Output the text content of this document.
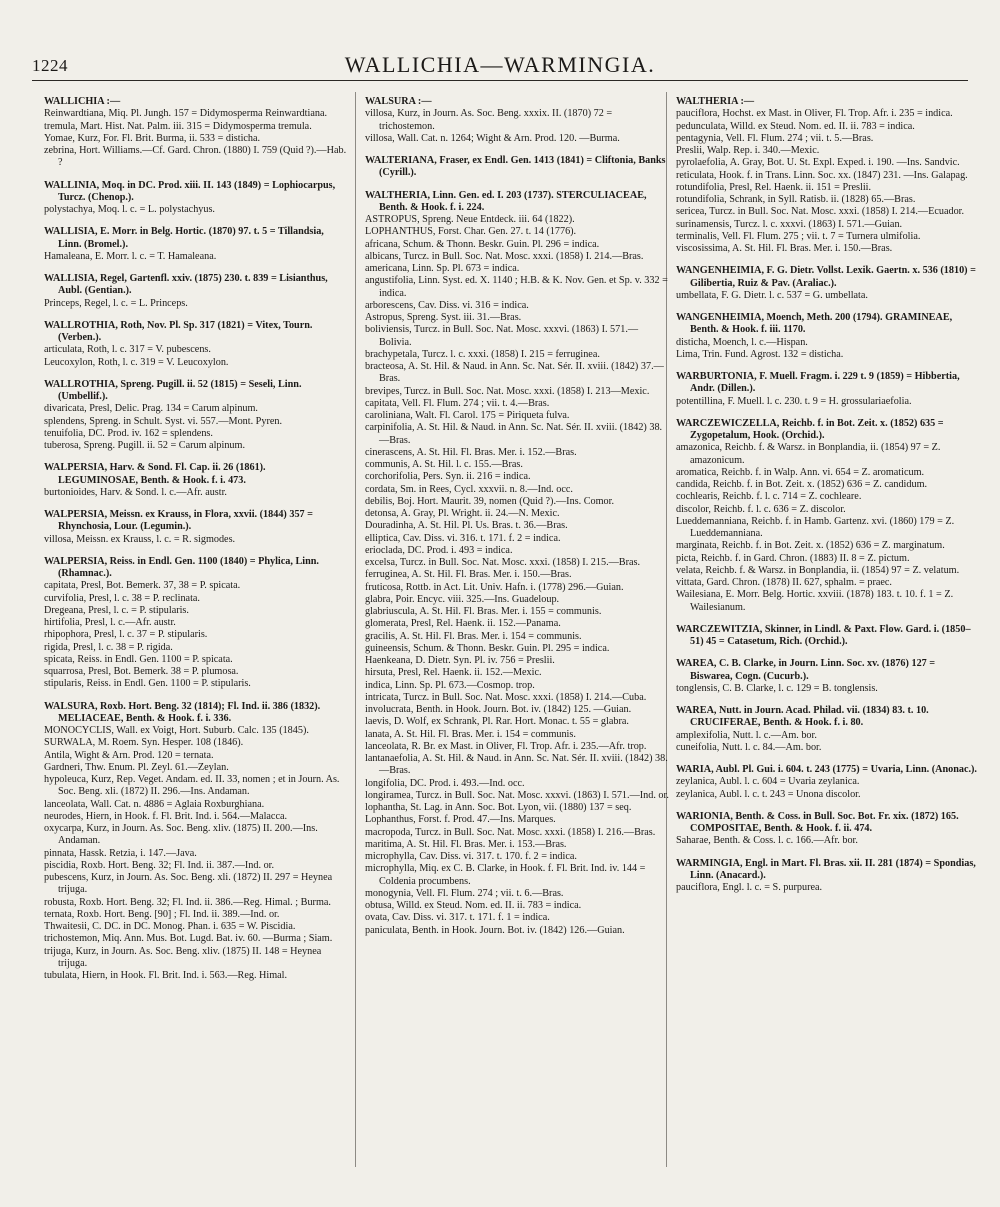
1224	WALLICHIA—WARMINGIA.
WALLICHIA :—
Reinwardtiana, Miq. Pl. Jungh. 157 = Didymosperma Reinwardtiana.
tremula, Mart. Hist. Nat. Palm. iii. 315 = Didymosperma tremula.
Yomae, Kurz, For. Fl. Brit. Burma, ii. 533 = disticha.
zebrina, Hort. Williams.—Cf. Gard. Chron. (1880) I. 759 (Quid ?).—Hab. ?
WALLINIA, Moq. in DC. Prod. xiii. II. 143 (1849) = Lophiocarpus, Turcz. (Chenop.).
polystachya, Moq. l. c. = L. polystachyus.
WALLISIA, E. Morr. in Belg. Hortic. (1870) 97. t. 5 = Tillandsia, Linn. (Bromel.).
Hamaleana, E. Morr. l. c. = T. Hamaleana.
WALLISIA, Regel, Gartenfl. xxiv. (1875) 230. t. 839 = Lisianthus, Aubl. (Gentian.).
Princeps, Regel, l. c. = L. Princeps.
WALLROTHIA, Roth, Nov. Pl. Sp. 317 (1821) = Vitex, Tourn. (Verben.).
articulata, Roth, l. c. 317 = V. pubescens.
Leucoxylon, Roth, l. c. 319 = V. Leucoxylon.
WALLROTHIA, Spreng. Pugill. ii. 52 (1815) = Seseli, Linn. (Umbellif.).
divaricata, Presl, Delic. Prag. 134 = Carum alpinum.
splendens, Spreng. in Schult. Syst. vi. 557.—Mont. Pyren.
tenuifolia, DC. Prod. iv. 162 = splendens.
tuberosa, Spreng. Pugill. ii. 52 = Carum alpinum.
WALPERSIA, Harv. & Sond. Fl. Cap. ii. 26 (1861). LEGUMINOSAE, Benth. & Hook. f. i. 473.
burtonioides, Harv. & Sond. l. c.—Afr. austr.
WALPERSIA, Meissn. ex Krauss, in Flora, xxvii. (1844) 357 = Rhynchosia, Lour. (Legumin.).
villosa, Meissn. ex Krauss, l. c. = R. sigmodes.
WALPERSIA, Reiss. in Endl. Gen. 1100 (1840) = Phylica, Linn. (Rhamnac.).
capitata, Presl, Bot. Bemerk. 37, 38 = P. spicata.
curvifolia, Presl, l. c. 38 = P. reclinata.
Dregeana, Presl, l. c. = P. stipularis.
hirtifolia, Presl, l. c.—Afr. austr.
rhipophora, Presl, l. c. 37 = P. stipularis.
rigida, Presl, l. c. 38 = P. rigida.
spicata, Reiss. in Endl. Gen. 1100 = P. spicata.
squarrosa, Presl, Bot. Bemerk. 38 = P. plumosa.
stipularis, Reiss. in Endl. Gen. 1100 = P. stipularis.
WALSURA, Roxb. Hort. Beng. 32 (1814); Fl. Ind. ii. 386 (1832). MELIACEAE, Benth. & Hook. f. i. 336.
MONOCYCLIS, Wall. ex Voigt, Hort. Suburb. Calc. 135 (1845).
SURWALA, M. Roem. Syn. Hesper. 108 (1846).
Antila, Wight & Arn. Prod. 120 = ternata.
Gardneri, Thw. Enum. Pl. Zeyl. 61.—Zeylan.
hypoleuca, Kurz, Rep. Veget. Andam. ed. II. 33, nomen ; et in Journ. As. Soc. Beng. xli. (1872) II. 296.—Ins. Andaman.
lanceolata, Wall. Cat. n. 4886 = Aglaia Roxburghiana.
neurodes, Hiern, in Hook. f. Fl. Brit. Ind. i. 564.—Malacca.
oxycarpa, Kurz, in Journ. As. Soc. Beng. xliv. (1875) II. 200.—Ins. Andaman.
pinnata, Hassk. Retzia, i. 147.—Java.
piscidia, Roxb. Hort. Beng. 32; Fl. Ind. ii. 387.—Ind. or.
pubescens, Kurz, in Journ. As. Soc. Beng. xli. (1872) II. 297 = Heynea trijuga.
robusta, Roxb. Hort. Beng. 32; Fl. Ind. ii. 386.—Reg. Himal. ; Burma.
ternata, Roxb. Hort. Beng. [90] ; Fl. Ind. ii. 389.—Ind. or.
Thwaitesii, C. DC. in DC. Monog. Phan. i. 635 = W. Piscidia.
trichostemon, Miq. Ann. Mus. Bot. Lugd. Bat. iv. 60. —Burma ; Siam.
trijuga, Kurz, in Journ. As. Soc. Beng. xliv. (1875) II. 148 = Heynea trijuga.
tubulata, Hiern, in Hook. Fl. Brit. Ind. i. 563.—Reg. Himal.
WALSURA :—
villosa, Kurz, in Journ. As. Soc. Beng. xxxix. II. (1870) 72 = trichostemon.
villosa, Wall. Cat. n. 1264; Wight & Arn. Prod. 120. —Burma.
WALTERIANA, Fraser, ex Endl. Gen. 1413 (1841) = Cliftonia, Banks (Cyrill.).
WALTHERIA, Linn. Gen. ed. I. 203 (1737). STERCULIACEAE, Benth. & Hook. f. i. 224.
ASTROPUS, Spreng. Neue Entdeck. iii. 64 (1822).
LOPHANTHUS, Forst. Char. Gen. 27. t. 14 (1776).
africana, Schum. & Thonn. Beskr. Guin. Pl. 296 = indica.
albicans, Turcz. in Bull. Soc. Nat. Mosc. xxxi. (1858) I. 214.—Bras.
americana, Linn. Sp. Pl. 673 = indica.
angustifolia, Linn. Syst. ed. X. 1140 ; H.B. & K. Nov. Gen. et Sp. v. 332 = indica.
arborescens, Cav. Diss. vi. 316 = indica.
Astropus, Spreng. Syst. iii. 31.—Bras.
boliviensis, Turcz. in Bull. Soc. Nat. Mosc. xxxvi. (1863) I. 571.—Bolivia.
brachypetala, Turcz. l. c. xxxi. (1858) I. 215 = ferruginea.
bracteosa, A. St. Hil. & Naud. in Ann. Sc. Nat. Sér. II. xviii. (1842) 37.—Bras.
brevipes, Turcz. in Bull. Soc. Nat. Mosc. xxxi. (1858) I. 213—Mexic.
capitata, Vell. Fl. Flum. 274 ; vii. t. 4.—Bras.
caroliniana, Walt. Fl. Carol. 175 = Piriqueta fulva.
carpinifolia, A. St. Hil. & Naud. in Ann. Sc. Nat. Sér. II. xviii. (1842) 38.—Bras.
cinerascens, A. St. Hil. Fl. Bras. Mer. i. 152.—Bras.
communis, A. St. Hil. l. c. 155.—Bras.
corchorifolia, Pers. Syn. ii. 216 = indica.
cordata, Sm. in Rees, Cycl. xxxvii. n. 8.—Ind. occ.
debilis, Boj. Hort. Maurit. 39, nomen (Quid ?).—Ins. Comor.
detonsa, A. Gray, Pl. Wright. ii. 24.—N. Mexic.
Douradinha, A. St. Hil. Pl. Us. Bras. t. 36.—Bras.
elliptica, Cav. Diss. vi. 316. t. 171. f. 2 = indica.
erioclada, DC. Prod. i. 493 = indica.
excelsa, Turcz. in Bull. Soc. Nat. Mosc. xxxi. (1858) I. 215.—Bras.
ferruginea, A. St. Hil. Fl. Bras. Mer. i. 150.—Bras.
fruticosa, Rottb. in Act. Lit. Univ. Hafn. i. (1778) 296.—Guian.
glabra, Poir. Encyc. viii. 325.—Ins. Guadeloup.
glabriuscula, A. St. Hil. Fl. Bras. Mer. i. 155 = communis.
glomerata, Presl, Rel. Haenk. ii. 152.—Panama.
gracilis, A. St. Hil. Fl. Bras. Mer. i. 154 = communis.
guineensis, Schum. & Thonn. Beskr. Guin. Pl. 295 = indica.
Haenkeana, D. Dietr. Syn. Pl. iv. 756 = Preslii.
hirsuta, Presl, Rel. Haenk. ii. 152.—Mexic.
indica, Linn. Sp. Pl. 673.—Cosmop. trop.
intricata, Turcz. in Bull. Soc. Nat. Mosc. xxxi. (1858) I. 214.—Cuba.
involucrata, Benth. in Hook. Journ. Bot. iv. (1842) 125. —Guian.
laevis, D. Wolf, ex Schrank, Pl. Rar. Hort. Monac. t. 55 = glabra.
lanata, A. St. Hil. Fl. Bras. Mer. i. 154 = communis.
lanceolata, R. Br. ex Mast. in Oliver, Fl. Trop. Afr. i. 235.—Afr. trop.
lantanaefolia, A. St. Hil. & Naud. in Ann. Sc. Nat. Sér. II. xviii. (1842) 38.—Bras.
longifolia, DC. Prod. i. 493.—Ind. occ.
longiramea, Turcz. in Bull. Soc. Nat. Mosc. xxxvi. (1863) I. 571.—Ind. or.
lophantha, St. Lag. in Ann. Soc. Bot. Lyon, vii. (1880) 137 = seq.
Lophanthus, Forst. f. Prod. 47.—Ins. Marques.
macropoda, Turcz. in Bull. Soc. Nat. Mosc. xxxi. (1858) I. 216.—Bras.
maritima, A. St. Hil. Fl. Bras. Mer. i. 153.—Bras.
microphylla, Cav. Diss. vi. 317. t. 170. f. 2 = indica.
microphylla, Miq. ex C. B. Clarke, in Hook. f. Fl. Brit. Ind. iv. 144 = Coldenia procumbens.
monogynia, Vell. Fl. Flum. 274 ; vii. t. 6.—Bras.
obtusa, Willd. ex Steud. Nom. ed. II. ii. 783 = indica.
ovata, Cav. Diss. vi. 317. t. 171. f. 1 = indica.
paniculata, Benth. in Hook. Journ. Bot. iv. (1842) 126.—Guian.
WALTHERIA :—
pauciflora, Hochst. ex Mast. in Oliver, Fl. Trop. Afr. i. 235 = indica.
pedunculata, Willd. ex Steud. Nom. ed. II. ii. 783 = indica.
pentagynia, Vell. Fl. Flum. 274 ; vii. t. 5.—Bras.
Preslii, Walp. Rep. i. 340.—Mexic.
pyrolaefolia, A. Gray, Bot. U. St. Expl. Exped. i. 190. —Ins. Sandvic.
reticulata, Hook. f. in Trans. Linn. Soc. xx. (1847) 231. —Ins. Galapag.
rotundifolia, Presl, Rel. Haenk. ii. 151 = Preslii.
rotundifolia, Schrank, in Syll. Ratisb. ii. (1828) 65.—Bras.
sericea, Turcz. in Bull. Soc. Nat. Mosc. xxxi. (1858) I. 214.—Ecuador.
surinamensis, Turcz. l. c. xxxvi. (1863) I. 571.—Guian.
terminalis, Vell. Fl. Flum. 275 ; vii. t. 7 = Turnera ulmifolia.
viscosissima, A. St. Hil. Fl. Bras. Mer. i. 150.—Bras.
WANGENHEIMIA, F. G. Dietr. Vollst. Lexik. Gaertn. x. 536 (1810) = Gilibertia, Ruiz & Pav. (Araliac.).
umbellata, F. G. Dietr. l. c. 537 = G. umbellata.
WANGENHEIMIA, Moench, Meth. 200 (1794). GRAMINEAE, Benth. & Hook. f. iii. 1170.
disticha, Moench, l. c.—Hispan.
Lima, Trin. Fund. Agrost. 132 = disticha.
WARBURTONIA, F. Muell. Fragm. i. 229 t. 9 (1859) = Hibbertia, Andr. (Dillen.).
potentillina, F. Muell. l. c. 230. t. 9 = H. grossulariaefolia.
WARCZEWICZELLA, Reichb. f. in Bot. Zeit. x. (1852) 635 = Zygopetalum, Hook. (Orchid.).
amazonica, Reichb. f. & Warsz. in Bonplandia, ii. (1854) 97 = Z. amazonicum.
aromatica, Reichb. f. in Walp. Ann. vi. 654 = Z. aromaticum.
candida, Reichb. f. in Bot. Zeit. x. (1852) 636 = Z. candidum.
cochlearis, Reichb. f. l. c. 714 = Z. cochleare.
discolor, Reichb. f. l. c. 636 = Z. discolor.
Lueddemanniana, Reichb. f. in Hamb. Gartenz. xvi. (1860) 179 = Z. Lueddemannianа.
marginata, Reichb. f. in Bot. Zeit. x. (1852) 636 = Z. marginatum.
picta, Reichb. f. in Gard. Chron. (1883) II. 8 = Z. pictum.
velata, Reichb. f. & Warsz. in Bonplandia, ii. (1854) 97 = Z. velatum.
vittata, Gard. Chron. (1878) II. 627, sphalm. = praec.
Wailesiana, E. Morr. Belg. Hortic. xxviii. (1878) 183. t. 10. f. 1 = Z. Wailesianum.
WARCZEWITZIA, Skinner, in Lindl. & Paxt. Flow. Gard. i. (1850–51) 45 = Catasetum, Rich. (Orchid.).
WAREA, C. B. Clarke, in Journ. Linn. Soc. xv. (1876) 127 = Biswarea, Cogn. (Cucurb.).
tonglensis, C. B. Clarke, l. c. 129 = B. tonglensis.
WAREA, Nutt. in Journ. Acad. Philad. vii. (1834) 83. t. 10. CRUCIFERAE, Benth. & Hook. f. i. 80.
amplexifolia, Nutt. l. c.—Am. bor.
cuneifolia, Nutt. l. c. 84.—Am. bor.
WARIA, Aubl. Pl. Gui. i. 604. t. 243 (1775) = Uvaria, Linn. (Anonac.).
zeylanica, Aubl. l. c. 604 = Uvaria zeylanica.
zeylanica, Aubl. l. c. t. 243 = Unona discolor.
WARIONIA, Benth. & Coss. in Bull. Soc. Bot. Fr. xix. (1872) 165. COMPOSITAE, Benth. & Hook. f. ii. 474.
Saharae, Benth. & Coss. l. c. 166.—Afr. bor.
WARMINGIA, Engl. in Mart. Fl. Bras. xii. II. 281 (1874) = Spondias, Linn. (Anacard.).
pauciflora, Engl. l. c. = S. purpurea.
